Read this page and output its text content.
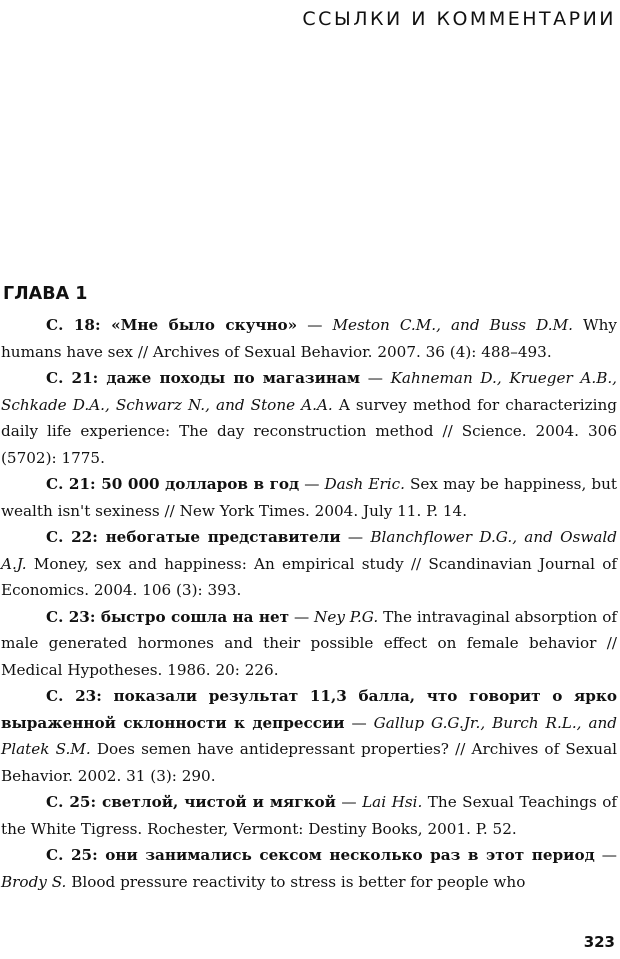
ССЫЛКИ И КОММЕНТАРИИ
ГЛАВА 1

С. 18: «Мне было скучно» — Meston C.M., and Buss D.M. Why humans have sex // Archives of Sexual Behavior. 2007. 36 (4): 488–493.

С. 21: даже походы по магазинам — Kahneman D., Krueger A.B., Schkade D.A., Schwarz N., and Stone A.A. A survey method for characterizing daily life experience: The day reconstruction method // Science. 2004. 306 (5702): 1775.

С. 21: 50 000 долларов в год — Dash Eric. Sex may be happiness, but wealth isn't sexiness // New York Times. 2004. July 11. P. 14.

С. 22: небогатые представители — Blanchflower D.G., and Oswald A.J. Money, sex and happiness: An empirical study // Scandinavian Journal of Economics. 2004. 106 (3): 393.

С. 23: быстро сошла на нет — Ney P.G. The intravaginal absorption of male generated hormones and their possible effect on female behavior // Medical Hypotheses. 1986. 20: 226.

С. 23: показали результат 11,3 балла, что говорит о ярко выраженной склонности к депрессии — Gallup G.G.Jr., Burch R.L., and Platek S.M. Does semen have antidepressant properties? // Archives of Sexual Behavior. 2002. 31 (3): 290.

С. 25: светлой, чистой и мягкой — Lai Hsi. The Sexual Teachings of the White Tigress. Rochester, Vermont: Destiny Books, 2001. P. 52.

С. 25: они занимались сексом несколько раз в этот период — Brody S. Blood pressure reactivity to stress is better for people who

323
